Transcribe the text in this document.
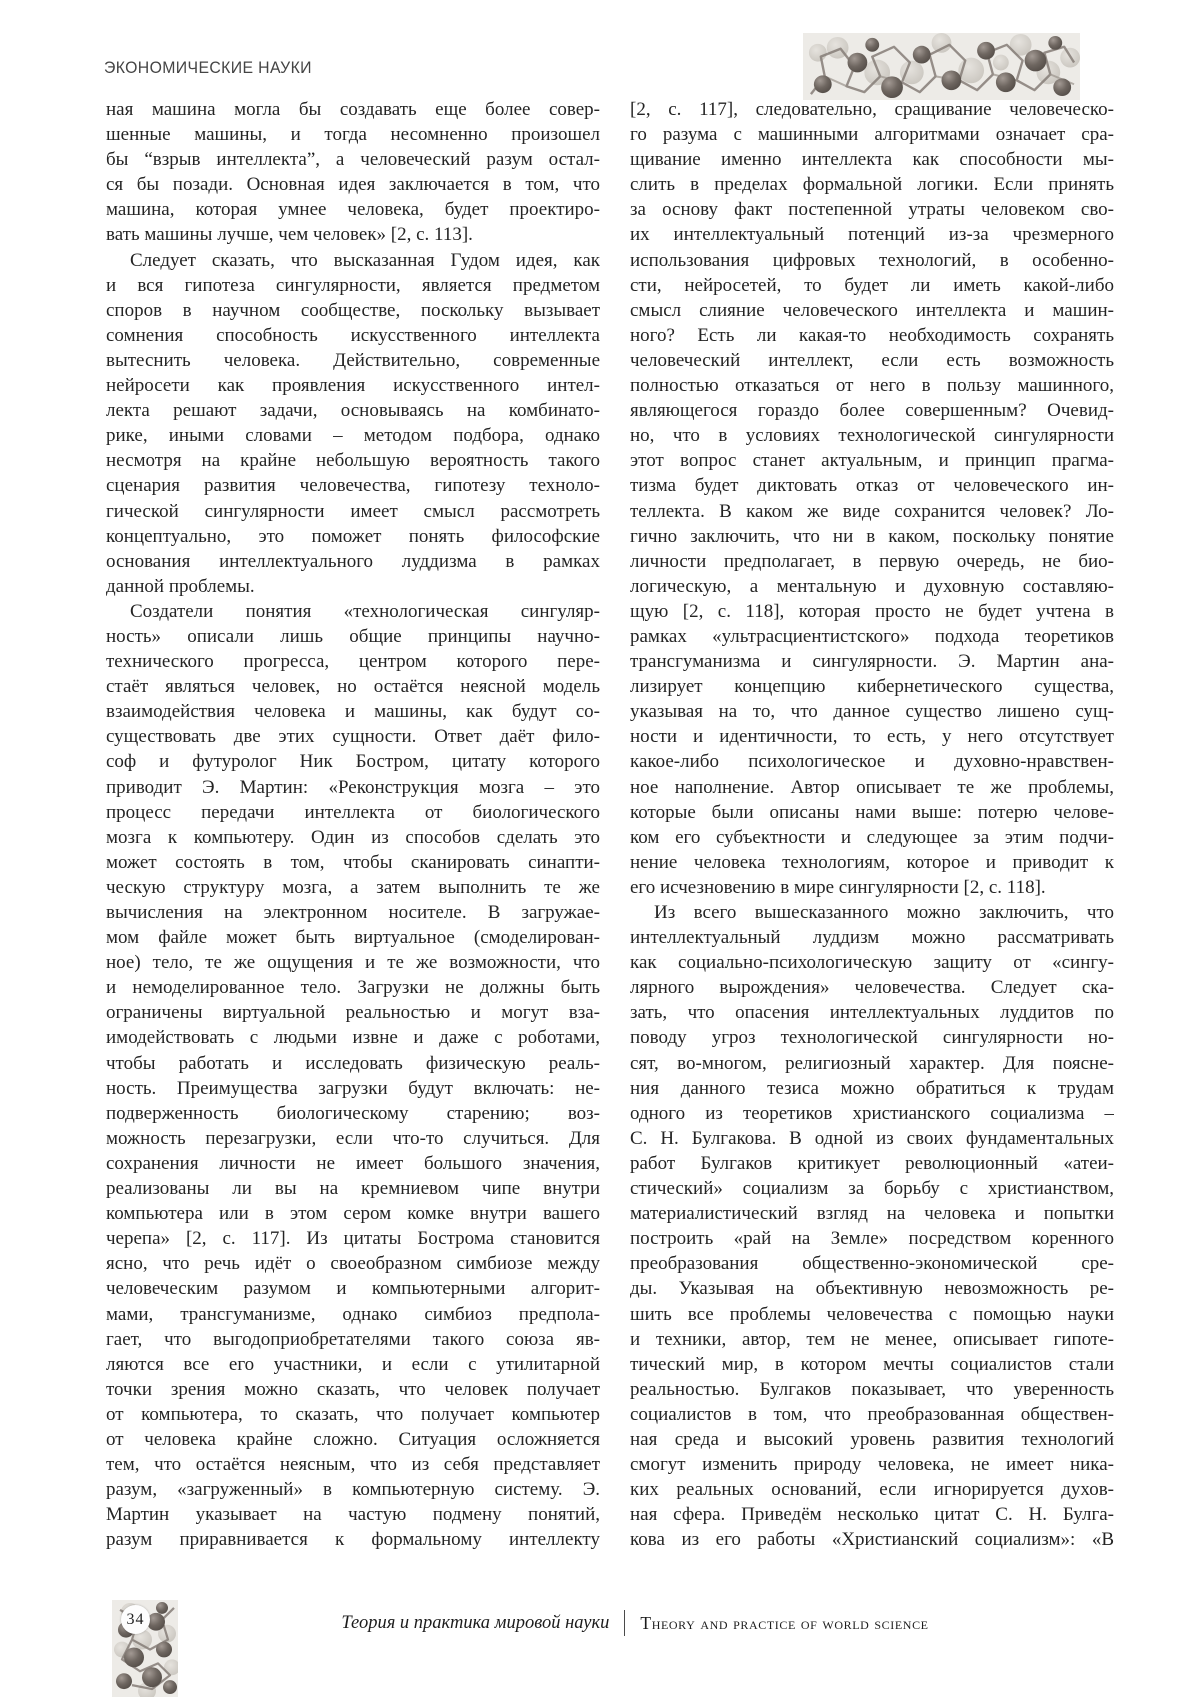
ЭКОНОМИЧЕСКИЕ НАУКИ
ная машина могла бы создавать еще более совер-
шенные машины, и тогда несомненно произошел
бы “взрыв интеллекта”, а человеческий разум остал-
ся бы позади. Основная идея заключается в том, что
машина, которая умнее человека, будет проектиро-
вать машины лучше, чем человек» [2, с. 113].
Следует сказать, что высказанная Гудом идея, как
и вся гипотеза сингулярности, является предметом
споров в научном сообществе, поскольку вызывает
сомнения способность искусственного интеллекта
вытеснить человека. Действительно, современные
нейросети как проявления искусственного интел-
лекта решают задачи, основываясь на комбинато-
рике, иными словами – методом подбора, однако
несмотря на крайне небольшую вероятность такого
сценария развития человечества, гипотезу техноло-
гической сингулярности имеет смысл рассмотреть
концептуально, это поможет понять философские
основания интеллектуального луддизма в рамках
данной проблемы.
Создатели понятия «технологическая сингуляр-
ность» описали лишь общие принципы научно-
технического прогресса, центром которого пере-
стаёт являться человек, но остаётся неясной модель
взаимодействия человека и машины, как будут со-
существовать две этих сущности. Ответ даёт фило-
соф и футуролог Ник Бостром, цитату которого
приводит Э. Мартин: «Реконструкция мозга – это
процесс передачи интеллекта от биологического
мозга к компьютеру. Один из способов сделать это
может состоять в том, чтобы сканировать синапти-
ческую структуру мозга, а затем выполнить те же
вычисления на электронном носителе. В загружае-
мом файле может быть виртуальное (смоделирован-
ное) тело, те же ощущения и те же возможности, что
и немоделированное тело. Загрузки не должны быть
ограничены виртуальной реальностью и могут вза-
имодействовать с людьми извне и даже с роботами,
чтобы работать и исследовать физическую реаль-
ность. Преимущества загрузки будут включать: не-
подверженность биологическому старению; воз-
можность перезагрузки, если что-то случиться. Для
сохранения личности не имеет большого значения,
реализованы ли вы на кремниевом чипе внутри
компьютера или в этом сером комке внутри вашего
черепа» [2, с. 117]. Из цитаты Бострома становится
ясно, что речь идёт о своеобразном симбиозе между
человеческим разумом и компьютерными алгорит-
мами, трансгуманизме, однако симбиоз предпола-
гает, что выгодоприобретателями такого союза яв-
ляются все его участники, и если с утилитарной
точки зрения можно сказать, что человек получает
от компьютера, то сказать, что получает компьютер
от человека крайне сложно. Ситуация осложняется
тем, что остаётся неясным, что из себя представляет
разум, «загруженный» в компьютерную систему. Э.
Мартин указывает на частую подмену понятий,
разум приравнивается к формальному интеллекту
[2, с. 117], следовательно, сращивание человеческо-
го разума с машинными алгоритмами означает сра-
щивание именно интеллекта как способности мы-
слить в пределах формальной логики. Если принять
за основу факт постепенной утраты человеком сво-
их интеллектуальный потенций из-за чрезмерного
использования цифровых технологий, в особенно-
сти, нейросетей, то будет ли иметь какой-либо
смысл слияние человеческого интеллекта и машин-
ного? Есть ли какая-то необходимость сохранять
человеческий интеллект, если есть возможность
полностью отказаться от него в пользу машинного,
являющегося гораздо более совершенным? Очевид-
но, что в условиях технологической сингулярности
этот вопрос станет актуальным, и принцип прагма-
тизма будет диктовать отказ от человеческого ин-
теллекта. В каком же виде сохранится человек? Ло-
гично заключить, что ни в каком, поскольку понятие
личности предполагает, в первую очередь, не био-
логическую, а ментальную и духовную составляю-
щую [2, с. 118], которая просто не будет учтена в
рамках «ультрасциентистского» подхода теоретиков
трансгуманизма и сингулярности. Э. Мартин ана-
лизирует концепцию кибернетического существа,
указывая на то, что данное существо лишено сущ-
ности и идентичности, то есть, у него отсутствует
какое-либо психологическое и духовно-нравствен-
ное наполнение. Автор описывает те же проблемы,
которые были описаны нами выше: потерю челове-
ком его субъектности и следующее за этим подчи-
нение человека технологиям, которое и приводит к
его исчезновению в мире сингулярности [2, с. 118].
Из всего вышесказанного можно заключить, что
интеллектуальный луддизм можно рассматривать
как социально-психологическую защиту от «сингу-
лярного вырождения» человечества. Следует ска-
зать, что опасения интеллектуальных луддитов по
поводу угроз технологической сингулярности но-
сят, во-многом, религиозный характер. Для поясне-
ния данного тезиса можно обратиться к трудам
одного из теоретиков христианского социализма –
С. Н. Булгакова. В одной из своих фундаментальных
работ Булгаков критикует революционный «атеи-
стический» социализм за борьбу с христианством,
материалистический взгляд на человека и попытки
построить «рай на Земле» посредством коренного
преобразования общественно-экономической сре-
ды. Указывая на объективную невозможность ре-
шить все проблемы человечества с помощью науки
и техники, автор, тем не менее, описывает гипоте-
тический мир, в котором мечты социалистов стали
реальностью. Булгаков показывает, что уверенность
социалистов в том, что преобразованная обществен-
ная среда и высокий уровень развития технологий
смогут изменить природу человека, не имеет ника-
ких реальных оснований, если игнорируется духов-
ная сфера. Приведём несколько цитат С. Н. Булга-
кова из его работы «Христианский социализм»: «В
34	Теория и практика мировой науки Theory and practice of world science
